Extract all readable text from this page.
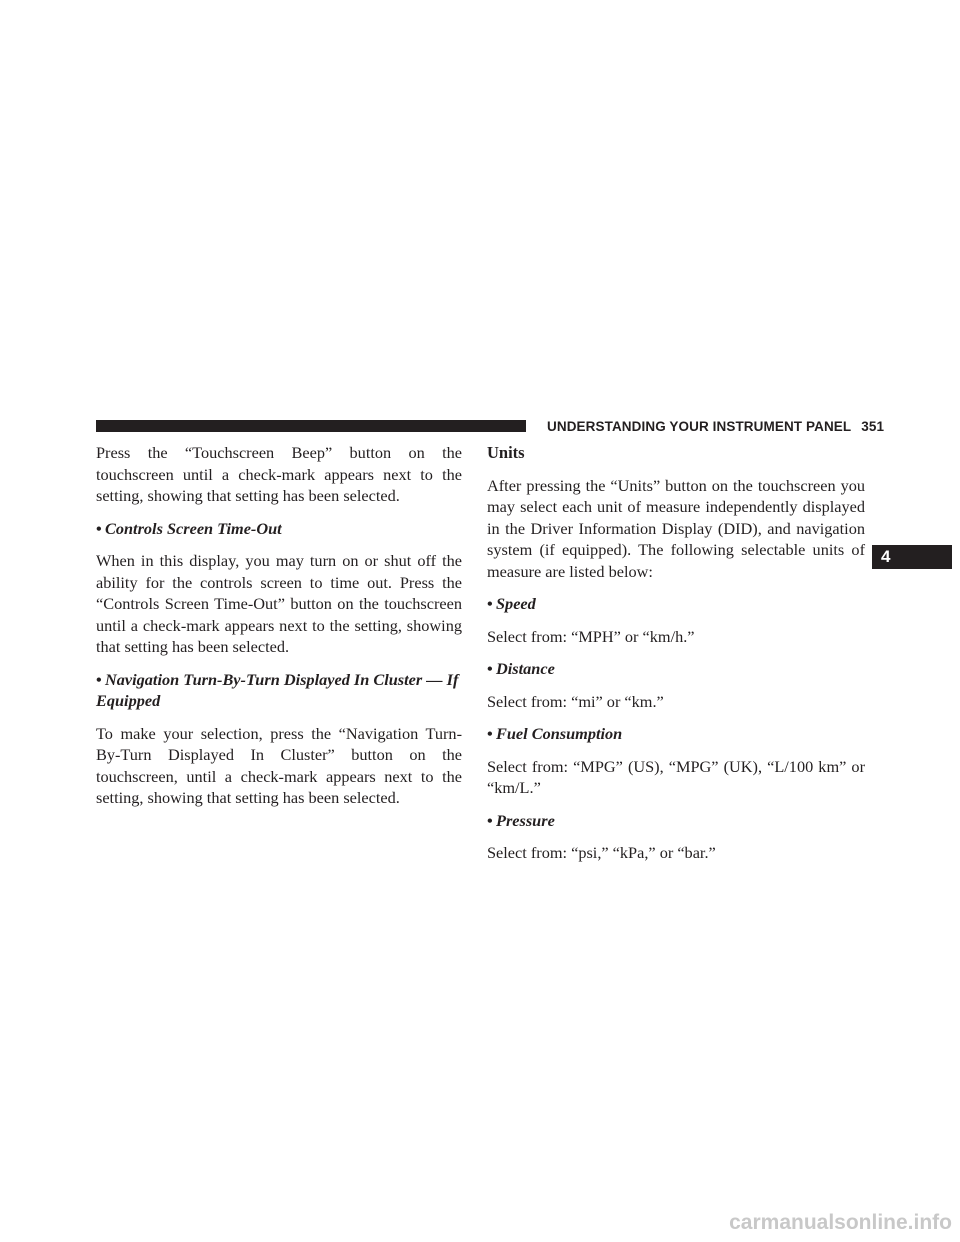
UNDERSTANDING YOUR INSTRUMENT PANEL 351

Press the “Touchscreen Beep” button on the touchscreen until a check-mark appears next to the setting, showing that setting has been selected.

• Controls Screen Time-Out

When in this display, you may turn on or shut off the ability for the controls screen to time out. Press the “Controls Screen Time-Out” button on the touchscreen until a check-mark appears next to the setting, showing that setting has been selected.

• Navigation Turn-By-Turn Displayed In Cluster — If Equipped

To make your selection, press the “Navigation Turn-By-Turn Displayed In Cluster” button on the touchscreen, until a check-mark appears next to the setting, showing that setting has been selected.

Units

After pressing the “Units” button on the touchscreen you may select each unit of measure independently displayed in the Driver Information Display (DID), and navigation system (if equipped). The following selectable units of measure are listed below:

• Speed

Select from: “MPH” or “km/h.”

• Distance

Select from: “mi” or “km.”

• Fuel Consumption

Select from: “MPG” (US), “MPG” (UK), “L/100 km” or “km/L.”

• Pressure

Select from: “psi,” “kPa,” or “bar.”

4
carmanualsonline.info
